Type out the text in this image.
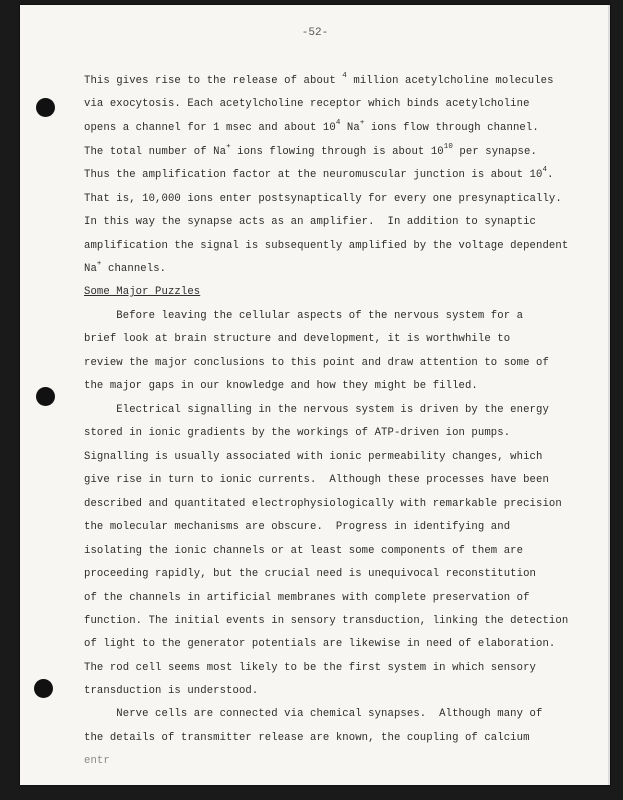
-52-
This gives rise to the release of about $^4$ million acetylcholine molecules
via exocytosis. Each acetylcholine receptor which binds acetylcholine
opens a channel for 1 msec and about $10^4$ Na+ ions flow through channel.
The total number of Na+ ions flowing through is about $10^{10}$ per synapse.
Thus the amplification factor at the neuromuscular junction is about $10^4$.
That is, 10,000 ions enter postsynaptically for every one presynaptically.
In this way the synapse acts as an amplifier.  In addition to synaptic
amplification the signal is subsequently amplified by the voltage dependent
Na+ channels.
Some Major Puzzles
Before leaving the cellular aspects of the nervous system for a
brief look at brain structure and development, it is worthwhile to
review the major conclusions to this point and draw attention to some of
the major gaps in our knowledge and how they might be filled.
Electrical signalling in the nervous system is driven by the energy
stored in ionic gradients by the workings of ATP-driven ion pumps.
Signalling is usually associated with ionic permeability changes, which
give rise in turn to ionic currents.  Although these processes have been
described and quantitated electrophysiologically with remarkable precision
the molecular mechanisms are obscure.  Progress in identifying and
isolating the ionic channels or at least some components of them are
proceeding rapidly, but the crucial need is unequivocal reconstitution
of the channels in artificial membranes with complete preservation of
function. The initial events in sensory transduction, linking the detection
of light to the generator potentials are likewise in need of elaboration.
The rod cell seems most likely to be the first system in which sensory
transduction is understood.
Nerve cells are connected via chemical synapses.  Although many of
the details of transmitter release are known, the coupling of calcium
entr
